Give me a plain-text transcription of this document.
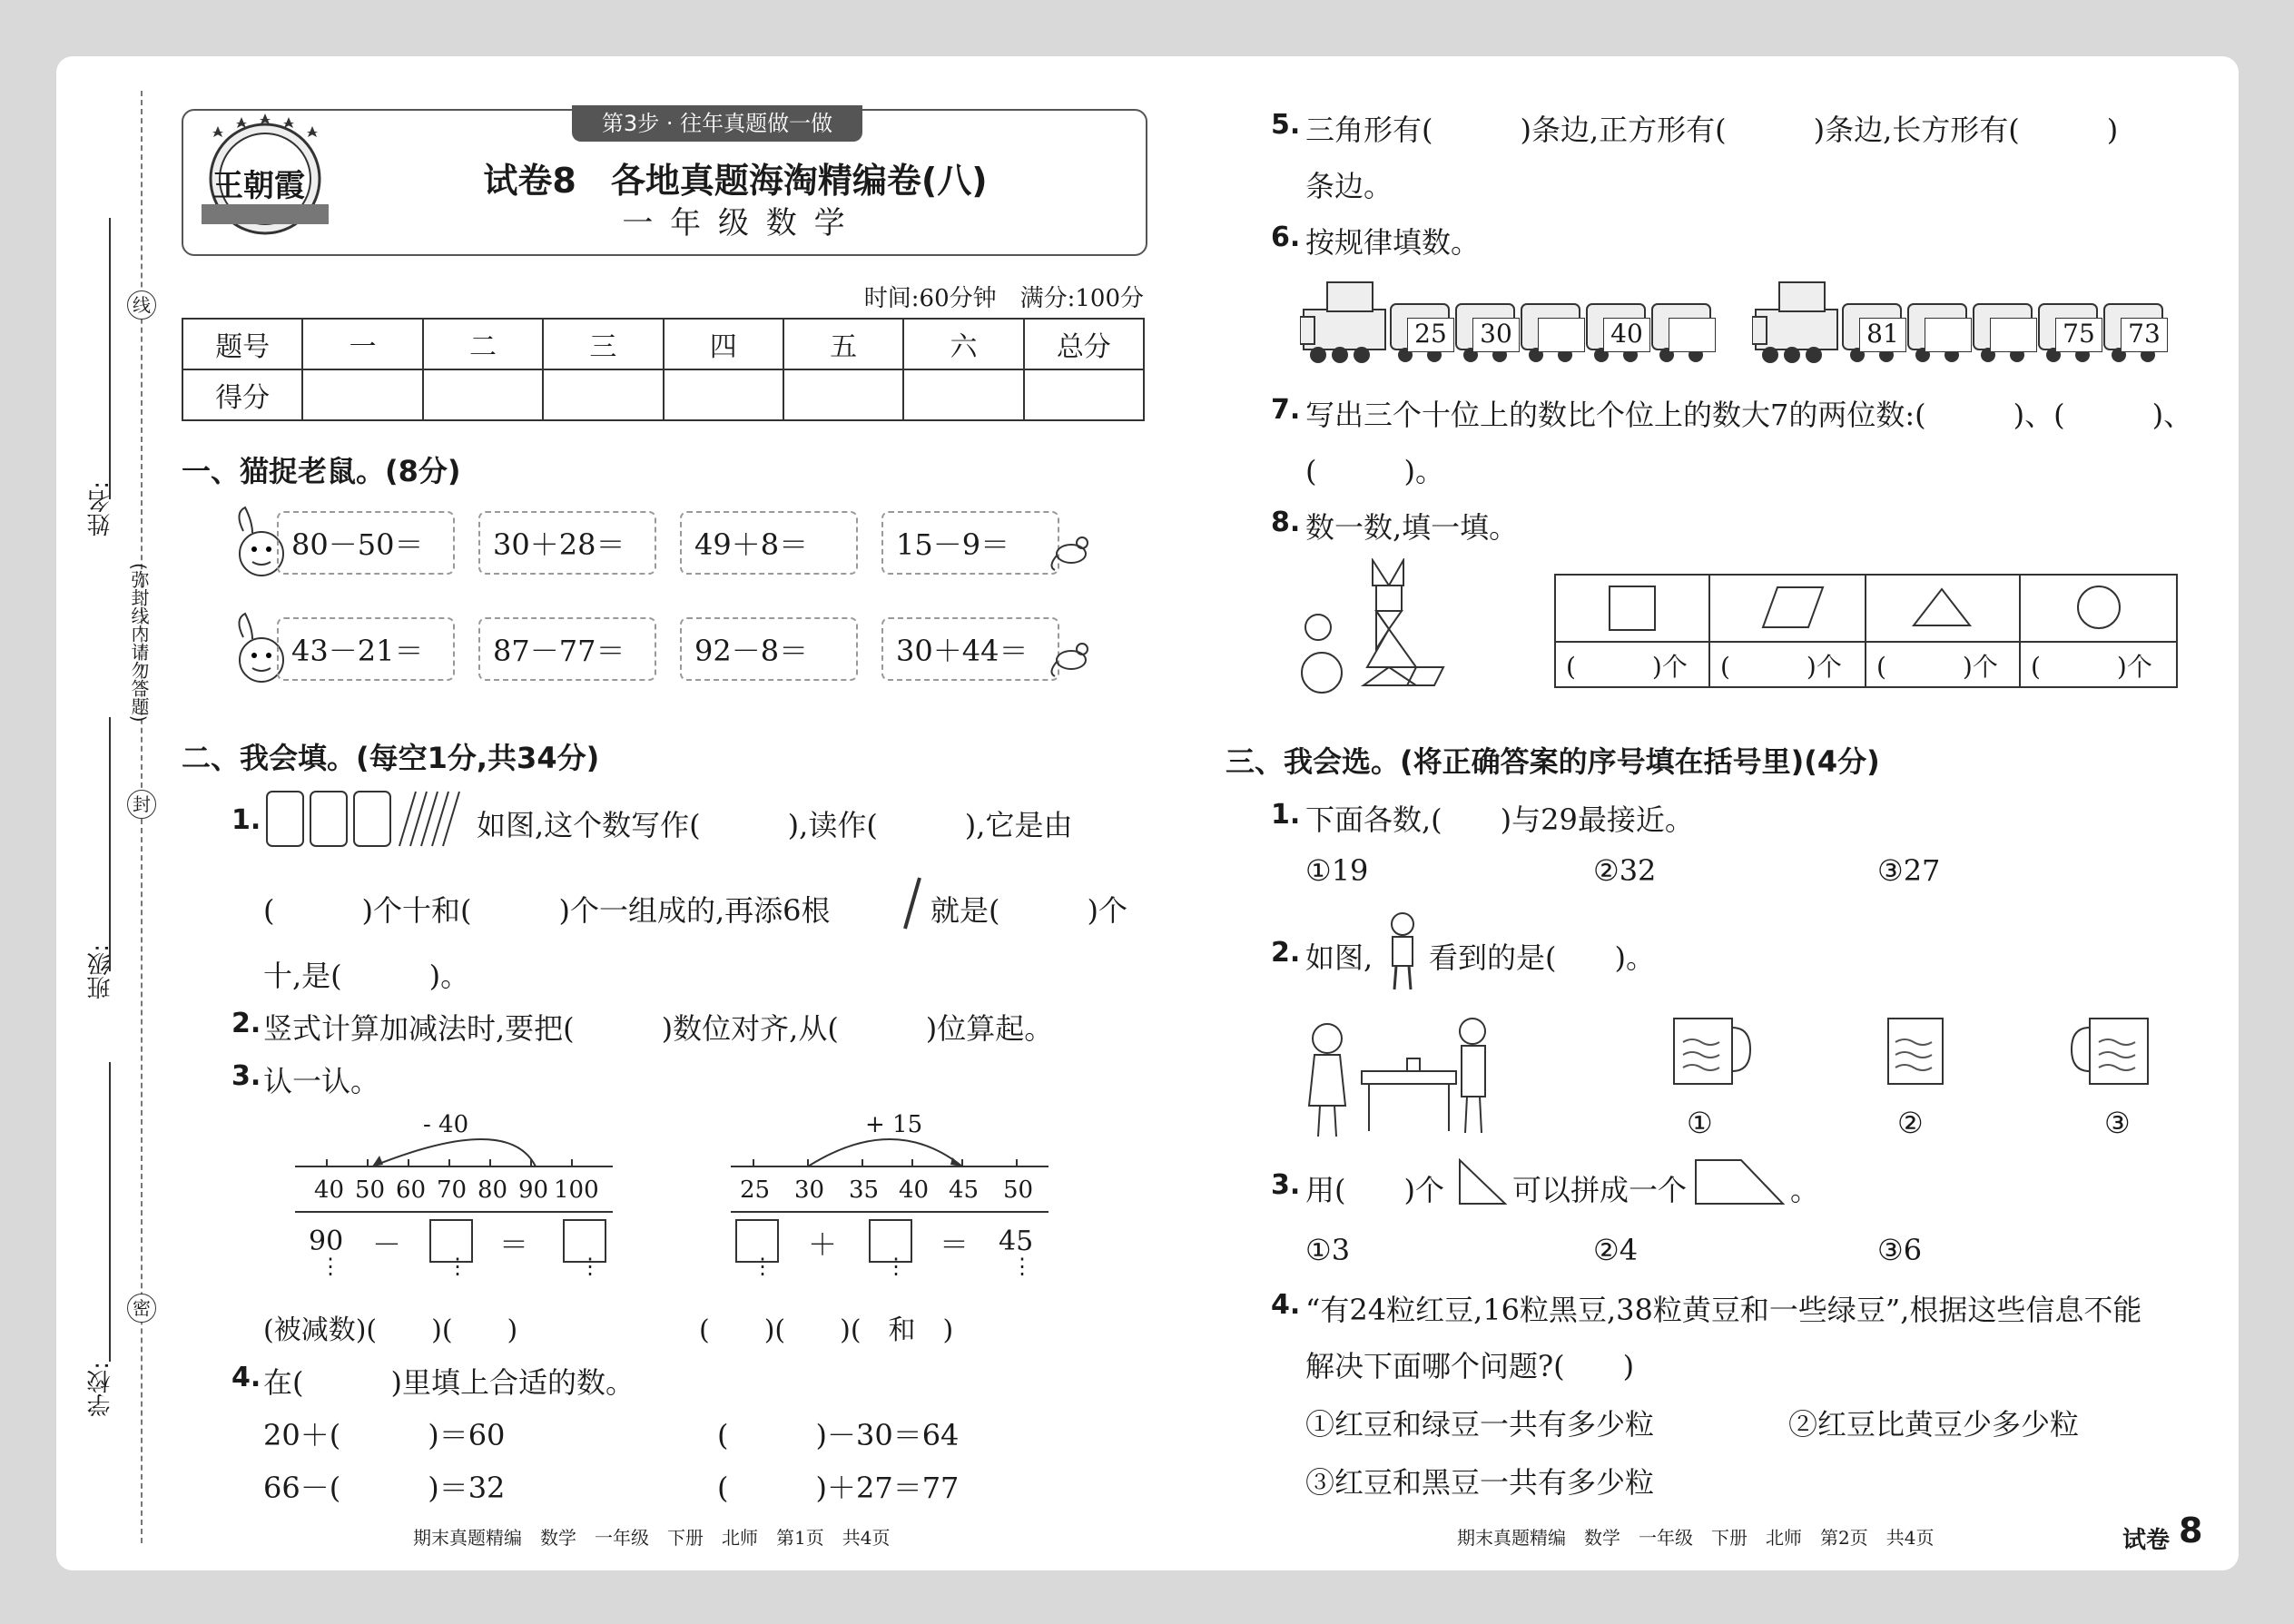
线
封
密
(弥封线内请勿答题)
姓名:
班级:
学校:
第3步 · 往年真题做一做
王朝霞	试卷8　各地真题海淘精编卷(八)
一 年 级 数 学
时间:60分钟　满分:100分
题号	一	二	三	四	五	六	总分
得分							
一、猫捉老鼠。(8分)
80－50＝	30＋28＝	49＋8＝	15－9＝
43－21＝	87－77＝	92－8＝	30＋44＝
二、我会填。(每空1分,共34分)
1.	如图,这个数写作(　　　),读作(　　　),它是由
(　　　)个十和(　　　)个一组成的,再添6根	就是(　　　)个
十,是(　　　)。
2. 竖式计算加减法时,要把(　　　)数位对齐,从(　　　)位算起。
3. 认一认。
- 40
40 50 60 70 80 90 100
90 －	＝
⋮	⋮	⋮
(被减数)(　　)(　　)
+ 15
25 30 35 40 45 50
＋	＝ 45
⋮	⋮	⋮
(　　)(　　)(　和　)
4. 在(　　　)里填上合适的数。
20＋(　　　)＝60	(　　　)－30＝64
66－(　　　)＝32	(　　　)＋27＝77
5. 三角形有(　　　)条边,正方形有(　　　)条边,长方形有(　　　)
条边。
6. 按规律填数。
25 30	40	81	75 73
7. 写出三个十位上的数比个位上的数大7的两位数:(　　　)、(　　　)、
(　　　)。
8. 数一数,填一填。
(　　　)个 (　　　)个 (　　　)个 (　　　)个
三、我会选。(将正确答案的序号填在括号里)(4分)
1. 下面各数,(　　)与29最接近。
①19	②32	③27
2. 如图, 看到的是(　　)。
①	②	③
3. 用(　　)个 可以拼成一个	。
①3	②4	③6
4. “有24粒红豆,16粒黑豆,38粒黄豆和一些绿豆”,根据这些信息不能
解决下面哪个问题?(　　)
①红豆和绿豆一共有多少粒	②红豆比黄豆少多少粒
③红豆和黑豆一共有多少粒
期末真题精编　数学　一年级　下册　北师　第1页　共4页	期末真题精编　数学　一年级　下册　北师　第2页　共4页	试卷 8
